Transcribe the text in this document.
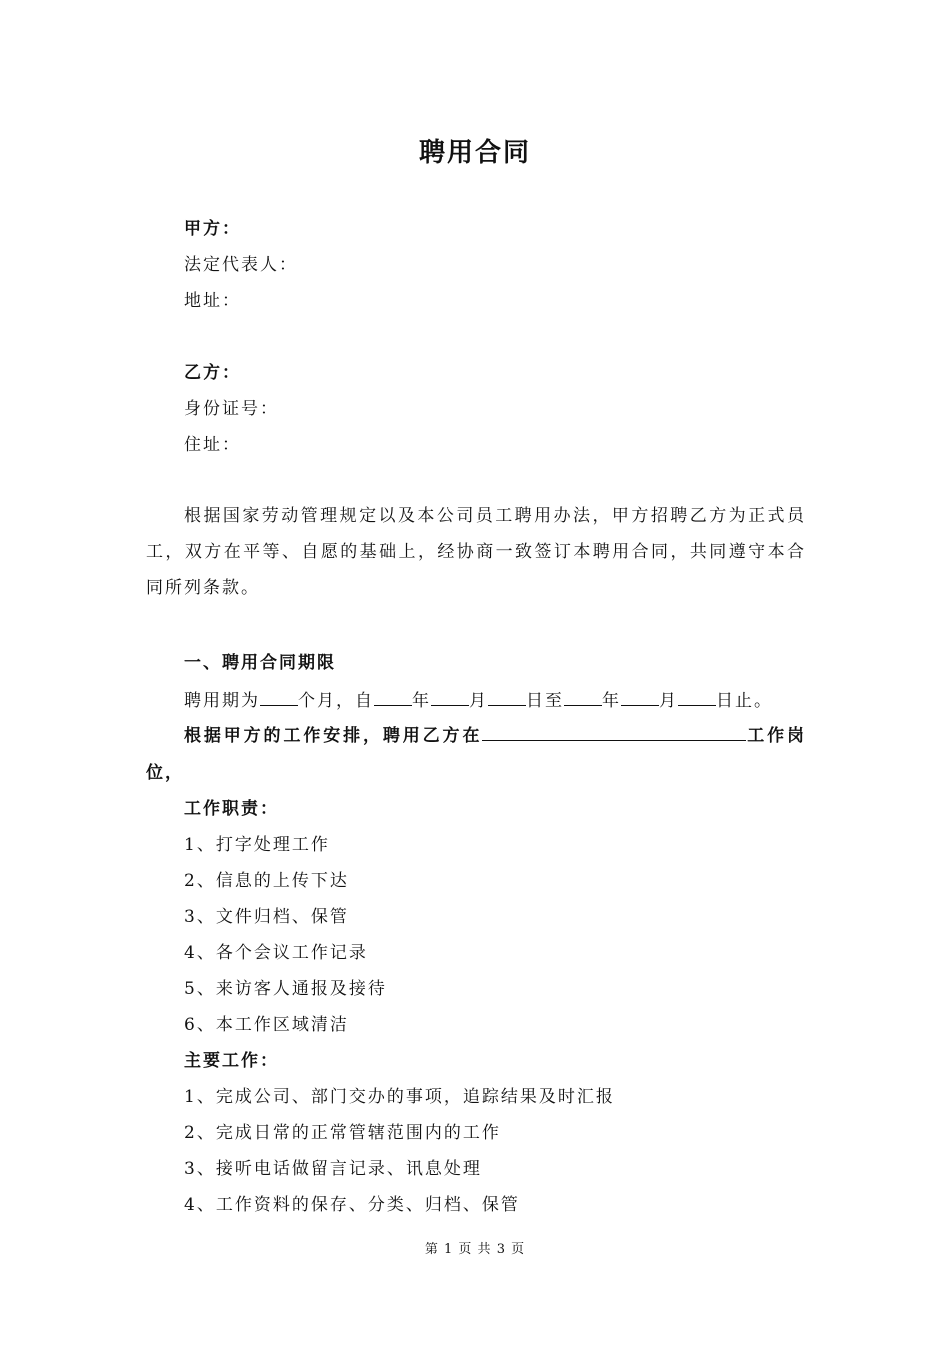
聘用合同
甲方：
法定代表人：
地址：
乙方：
身份证号：
住址：
根据国家劳动管理规定以及本公司员工聘用办法，甲方招聘乙方为正式员工，双方在平等、自愿的基础上，经协商一致签订本聘用合同，共同遵守本合同所列条款。
一、聘用合同期限
聘用期为 个月，自 年 月 日至 年 月 日止。
根据甲方的工作安排，聘用乙方在	工作岗位，
工作职责：
1、打字处理工作
2、信息的上传下达
3、文件归档、保管
4、各个会议工作记录
5、来访客人通报及接待
6、本工作区域清洁
主要工作：
1、完成公司、部门交办的事项，追踪结果及时汇报
2、完成日常的正常管辖范围内的工作
3、接听电话做留言记录、讯息处理
4、工作资料的保存、分类、归档、保管
第 1 页 共 3 页
